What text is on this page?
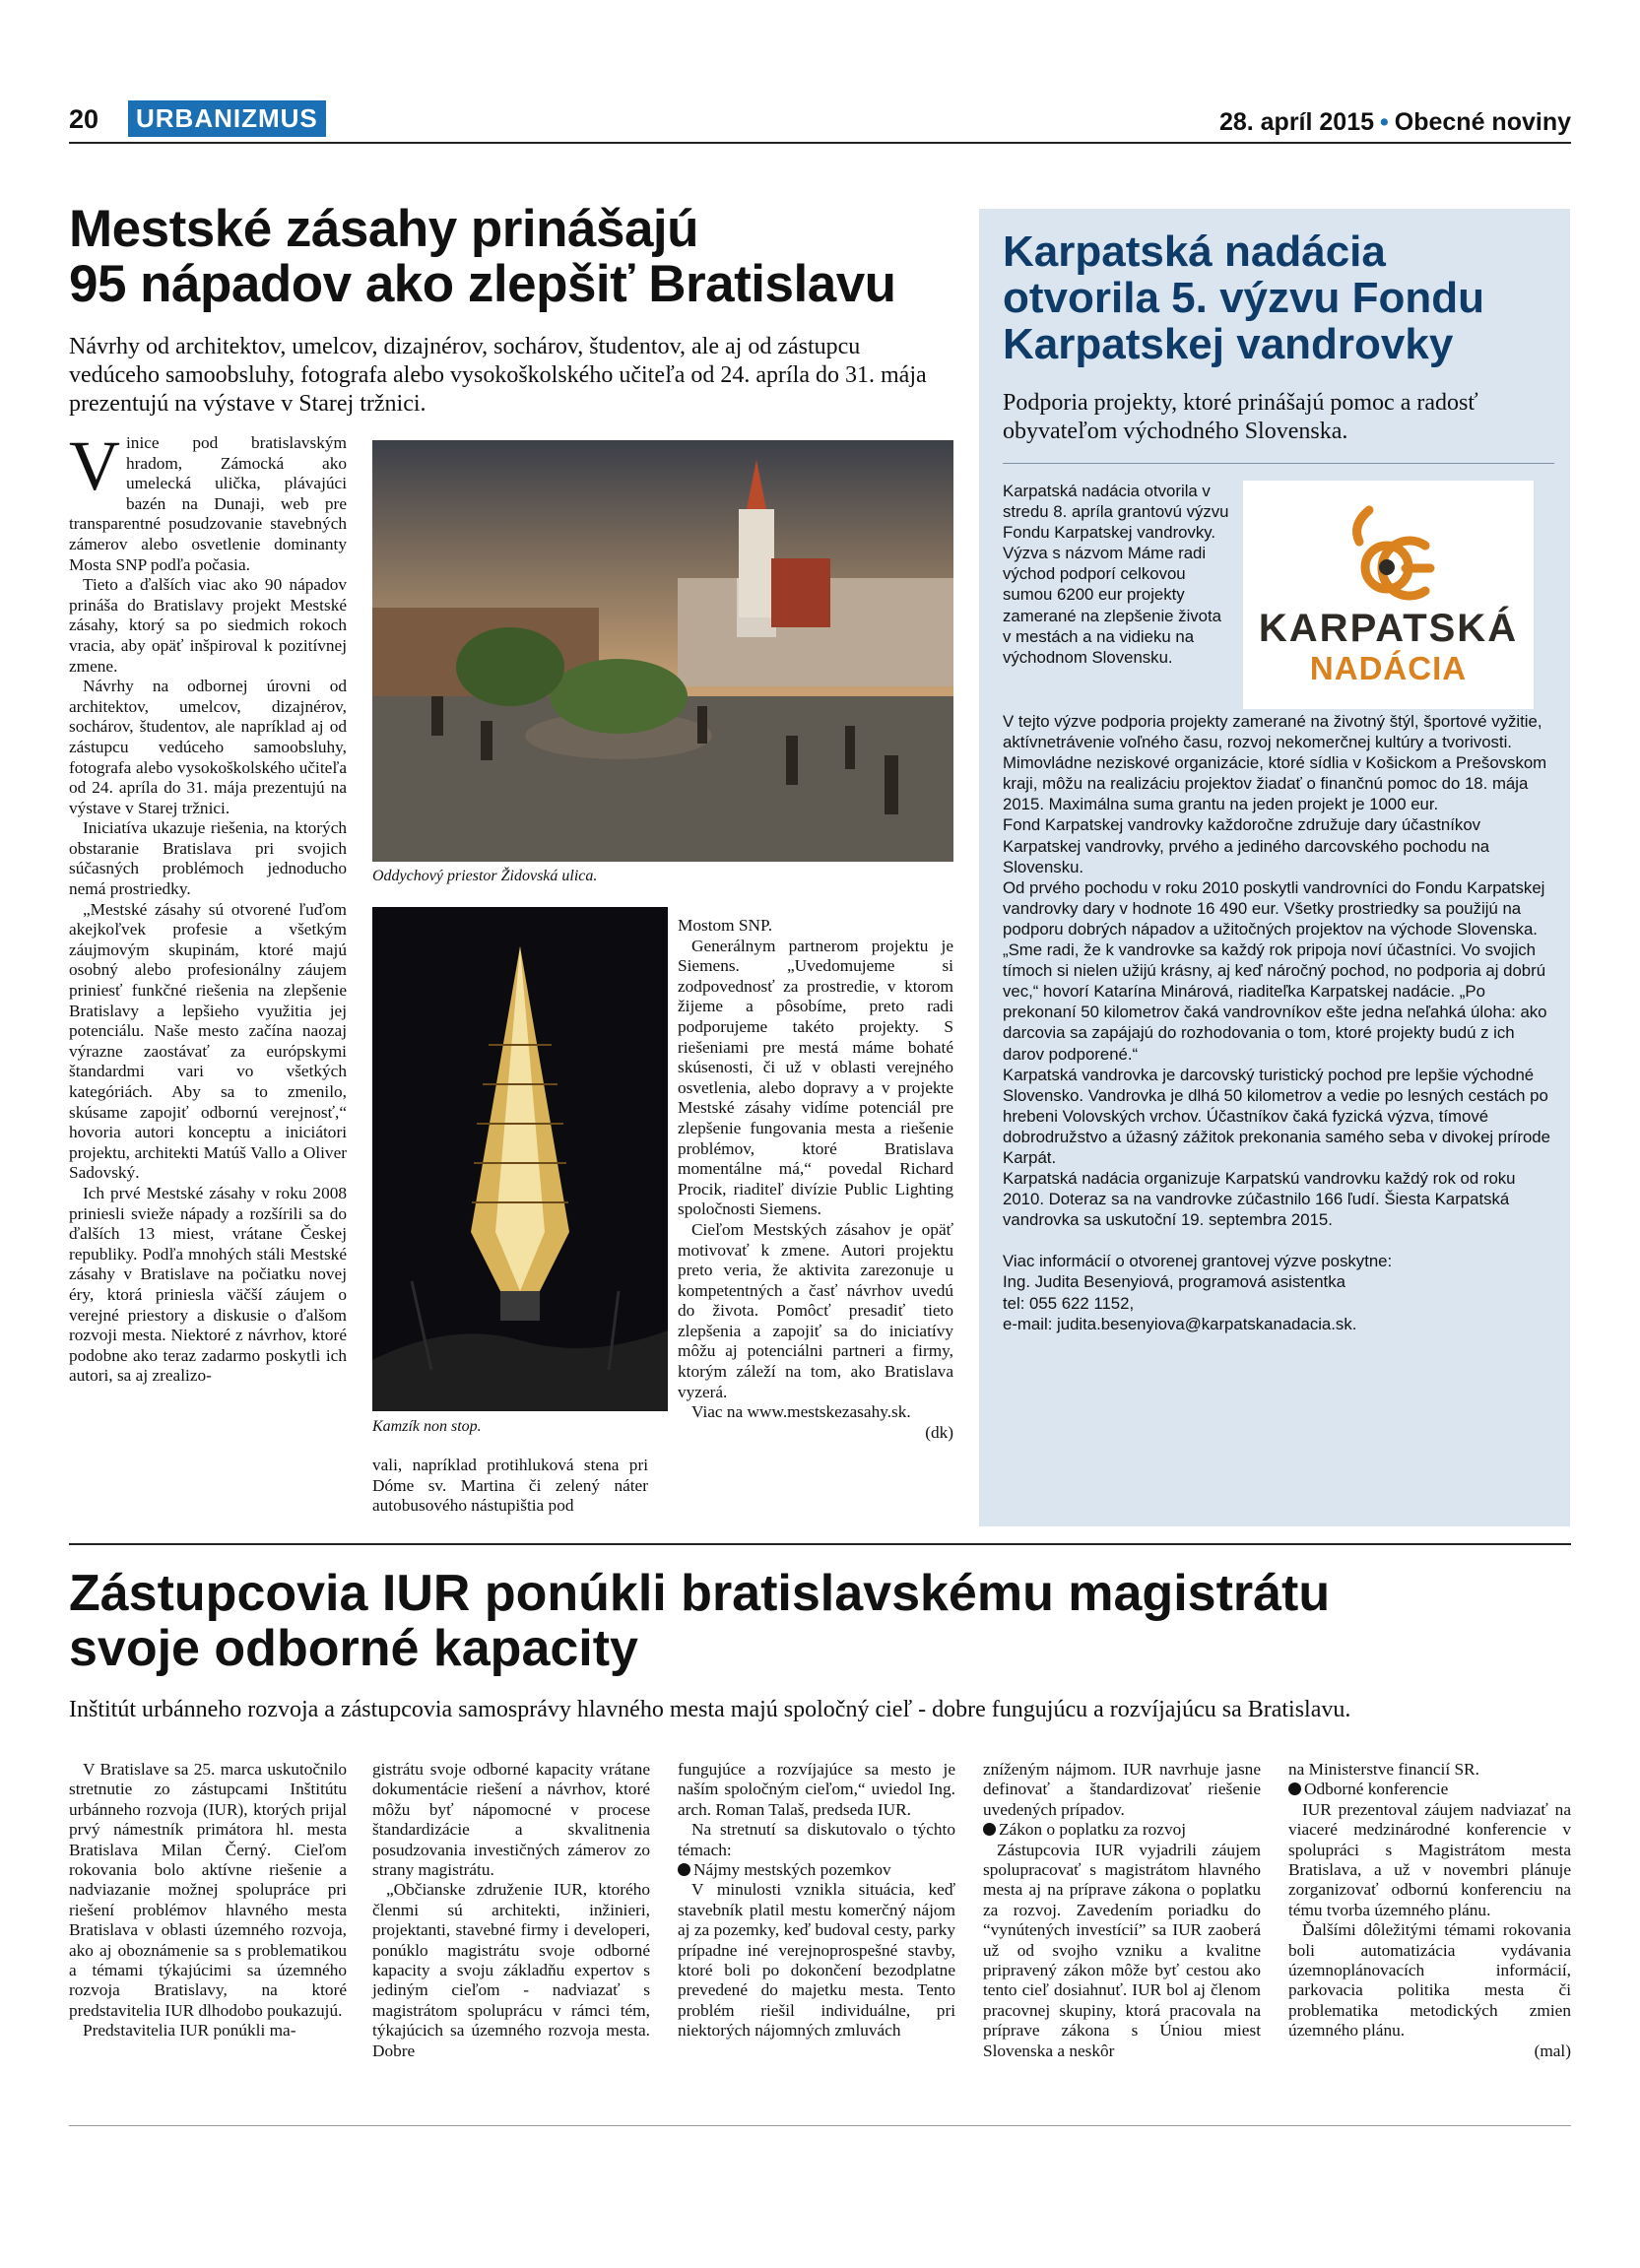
20	URBANIZMUS	28. apríl 2015 • Obecné noviny
Mestské zásahy prinášajú
95 nápadov ako zlepšiť Bratislavu
Návrhy od architektov, umelcov, dizajnérov, sochárov, študentov, ale aj od zástupcu vedúceho samoobsluhy, fotografa alebo vysokoškolského učiteľa od 24. apríla do 31. mája prezentujú na výstave v Starej tržnici.

Vinice pod bratislavským hradom, Zámocká ako umelecká ulička, plávajúci bazén na Dunaji, web pre transparentné posudzovanie stavebných zámerov alebo osvetlenie dominanty Mosta SNP podľa počasia.

Tieto a ďalších viac ako 90 nápadov prináša do Bratislavy projekt Mestské zásahy, ktorý sa po siedmich rokoch vracia, aby opäť inšpiroval k pozitívnej zmene.

Návrhy na odbornej úrovni od architektov, umelcov, dizajnérov, sochárov, študentov, ale napríklad aj od zástupcu vedúceho samoobsluhy, fotografa alebo vysokoškolského učiteľa od 24. apríla do 31. mája prezentujú na výstave v Starej tržnici.

Iniciatíva ukazuje riešenia, na ktorých obstaranie Bratislava pri svojich súčasných problémoch jednoducho nemá prostriedky.

„Mestské zásahy sú otvorené ľuďom akejkoľvek profesie a všetkým záujmovým skupinám, ktoré majú osobný alebo profesionálny záujem priniesť funkčné riešenia na zlepšenie Bratislavy a lepšieho využitia jej potenciálu. Naše mesto začína naozaj výrazne zaostávať za európskymi štandardmi vari vo všetkých kategóriách. Aby sa to zmenilo, skúsame zapojiť odbornú verejnosť,“ hovoria autori konceptu a iniciátori projektu, architekti Matúš Vallo a Oliver Sadovský.

Ich prvé Mestské zásahy v roku 2008 priniesli svieže nápady a rozšírili sa do ďalších 13 miest, vrátane Českej republiky. Podľa mnohých stáli Mestské zásahy v Bratislave na počiatku novej éry, ktorá priniesla väčší záujem o verejné priestory a diskusie o ďalšom rozvoji mesta. Niektoré z návrhov, ktoré podobne ako teraz zadarmo poskytli ich autori, sa aj zrealizo-

Oddychový priestor Židovská ulica.
Kamzík non stop.

vali, napríklad protihluková stena pri Dóme sv. Martina či zelený náter autobusového nástupištia pod

Mostom SNP.

Generálnym partnerom projektu je Siemens. „Uvedomujeme si zodpovednosť za prostredie, v ktorom žijeme a pôsobíme, preto radi podporujeme takéto projekty. S riešeniami pre mestá máme bohaté skúsenosti, či už v oblasti verejného osvetlenia, alebo dopravy a v projekte Mestské zásahy vidíme potenciál pre zlepšenie fungovania mesta a riešenie problémov, ktoré Bratislava momentálne má,“ povedal Richard Procik, riaditeľ divízie Public Lighting spoločnosti Siemens.

Cieľom Mestských zásahov je opäť motivovať k zmene. Autori projektu preto veria, že aktivita zarezonuje u kompetentných a časť návrhov uvedú do života. Pomôcť presadiť tieto zlepšenia a zapojiť sa do iniciatívy môžu aj potenciálni partneri a firmy, ktorým záleží na tom, ako Bratislava vyzerá.

Viac na www.mestskezasahy.sk.

(dk)

Karpatská nadácia
otvorila 5. výzvu Fondu
Karpatskej vandrovky
Podporia projekty, ktoré prinášajú pomoc a radosť obyvateľom východného Slovenska.
Karpatská nadácia otvorila v stredu 8. apríla grantovú výzvu Fondu Karpatskej vandrovky. Výzva s názvom Máme radi východ podporí celkovou sumou 6200 eur projekty zamerané na zlepšenie života v mestách a na vidieku na východnom Slovensku.
KARPATSKÁ
NADÁCIA

V tejto výzve podporia projekty zamerané na životný štýl, športové vyžitie, aktívnetrávenie voľného času, rozvoj nekomerčnej kultúry a tvorivosti. Mimovládne neziskové organizácie, ktoré sídlia v Košickom a Prešovskom kraji, môžu na realizáciu projektov žiadať o finančnú pomoc do 18. mája 2015. Maximálna suma grantu na jeden projekt je 1000 eur.

Fond Karpatskej vandrovky každoročne združuje dary účastníkov Karpatskej vandrovky, prvého a jediného darcovského pochodu na Slovensku.

Od prvého pochodu v roku 2010 poskytli vandrovníci do Fondu Karpatskej vandrovky dary v hodnote 16 490 eur. Všetky prostriedky sa použijú na podporu dobrých nápadov a užitočných projektov na východe Slovenska.

„Sme radi, že k vandrovke sa každý rok pripoja noví účastníci. Vo svojich tímoch si nielen užijú krásny, aj keď náročný pochod, no podporia aj dobrú vec,“ hovorí Katarína Minárová, riaditeľka Karpatskej nadácie. „Po prekonaní 50 kilometrov čaká vandrovníkov ešte jedna neľahká úloha: ako darcovia sa zapájajú do rozhodovania o tom, ktoré projekty budú z ich darov podporené.“

Karpatská vandrovka je darcovský turistický pochod pre lepšie východné Slovensko. Vandrovka je dlhá 50 kilometrov a vedie po lesných cestách po hrebeni Volovských vrchov. Účastníkov čaká fyzická výzva, tímové dobrodružstvo a úžasný zážitok prekonania samého seba v divokej prírode Karpát.

Karpatská nadácia organizuje Karpatskú vandrovku každý rok od roku 2010. Doteraz sa na vandrovke zúčastnilo 166 ľudí. Šiesta Karpatská vandrovka sa uskutoční 19. septembra 2015.

Viac informácií o otvorenej grantovej výzve poskytne:

Ing. Judita Besenyiová, programová asistentka

tel: 055 622 1152,

e-mail: judita.besenyiova@karpatskanadacia.sk.

Zástupcovia IUR ponúkli bratislavskému magistrátu
svoje odborné kapacity
Inštitút urbánneho rozvoja a zástupcovia samosprávy hlavného mesta majú spoločný cieľ - dobre fungujúcu a rozvíjajúcu sa Bratislavu.

V Bratislave sa 25. marca uskutočnilo stretnutie zo zástupcami Inštitútu urbánneho rozvoja (IUR), ktorých prijal prvý námestník primátora hl. mesta Bratislava Milan Černý. Cieľom rokovania bolo aktívne riešenie a nadviazanie možnej spolupráce pri riešení problémov hlavného mesta Bratislava v oblasti územného rozvoja, ako aj oboznámenie sa s problematikou a témami týkajúcimi sa územného rozvoja Bratislavy, na ktoré predstavitelia IUR dlhodobo poukazujú.

Predstavitelia IUR ponúkli ma-

gistrátu svoje odborné kapacity vrátane dokumentácie riešení a návrhov, ktoré môžu byť nápomocné v procese štandardizácie a skvalitnenia posudzovania investičných zámerov zo strany magistrátu.

„Občianske združenie IUR, ktorého členmi sú architekti, inžinieri, projektanti, stavebné firmy i developeri, ponúklo magistrátu svoje odborné kapacity a svoju základňu expertov s jediným cieľom - nadviazať s magistrátom spoluprácu v rámci tém, týkajúcich sa územného rozvoja mesta. Dobre

fungujúce a rozvíjajúce sa mesto je naším spoločným cieľom,“ uviedol Ing. arch. Roman Talaš, predseda IUR.

Na stretnutí sa diskutovalo o týchto témach:

Nájmy mestských pozemkov

V minulosti vznikla situácia, keď stavebník platil mestu komerčný nájom aj za pozemky, keď budoval cesty, parky prípadne iné verejnoprospešné stavby, ktoré boli po dokončení bezodplatne prevedené do majetku mesta. Tento problém riešil individuálne, pri niektorých nájomných zmluvách

zníženým nájmom. IUR navrhuje jasne definovať a štandardizovať riešenie uvedených prípadov.

Zákon o poplatku za rozvoj

Zástupcovia IUR vyjadrili záujem spolupracovať s magistrátom hlavného mesta aj na príprave zákona o poplatku za rozvoj. Zavedením poriadku do “vynútených investícií” sa IUR zaoberá už od svojho vzniku a kvalitne pripravený zákon môže byť cestou ako tento cieľ dosiahnuť. IUR bol aj členom pracovnej skupiny, ktorá pracovala na príprave zákona s Úniou miest Slovenska a neskôr

na Ministerstve financií SR.

Odborné konferencie

IUR prezentoval záujem nadviazať na viaceré medzinárodné konferencie v spolupráci s Magistrátom mesta Bratislava, a už v novembri plánuje zorganizovať odbornú konferenciu na tému tvorba územného plánu.

Ďalšími dôležitými témami rokovania boli automatizácia vydávania územnoplánovacích informácií, parkovacia politika mesta či problematika metodických zmien územného plánu.

(mal)
